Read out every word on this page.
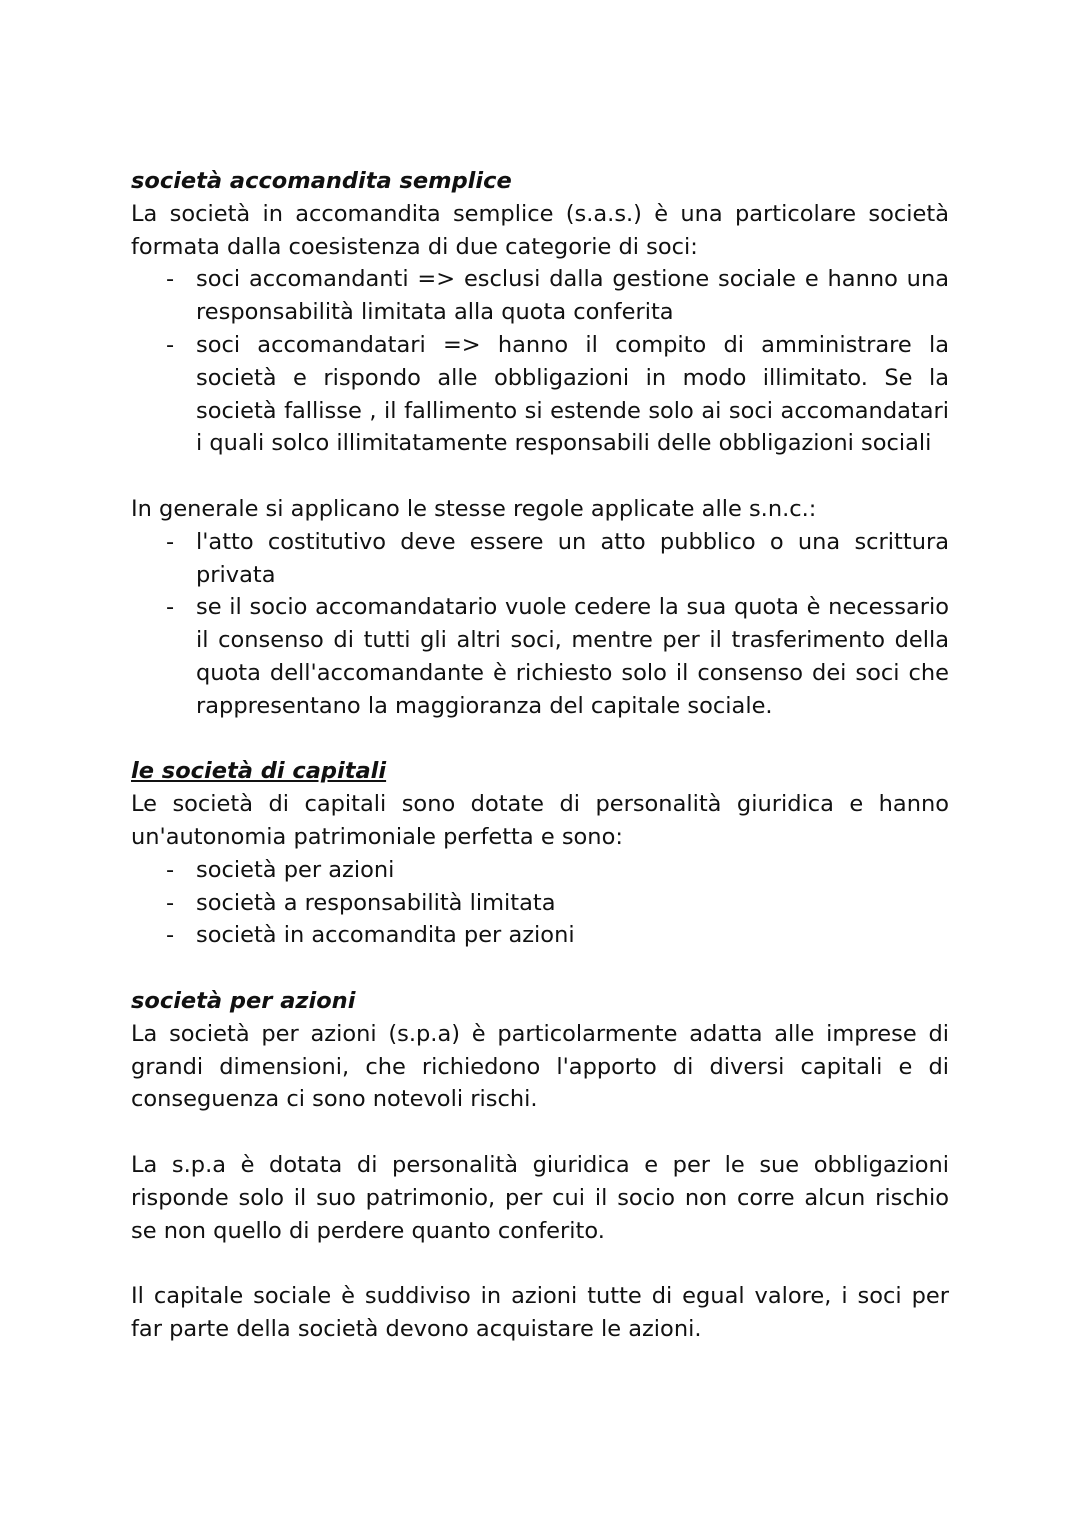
società accomandita semplice

La società in accomandita semplice (s.a.s.) è una particolare società formata dalla coesistenza di due categorie di soci:

- soci accomandanti => esclusi dalla gestione sociale e hanno una responsabilità limitata alla quota conferita
- soci accomandatari => hanno il compito di amministrare la società e rispondo alle obbligazioni in modo illimitato. Se la società fallisse , il fallimento si estende solo ai soci accomandatari i quali solco illimitatamente responsabili delle obbligazioni sociali

In generale si applicano le stesse regole applicate alle s.n.c.:

- l'atto costitutivo deve essere un atto pubblico o una scrittura privata
- se il socio accomandatario vuole cedere la sua quota è necessario il consenso di tutti gli altri soci, mentre per il trasferimento della quota dell'accomandante è richiesto solo il consenso dei soci che rappresentano la maggioranza del capitale sociale.

le società di capitali

Le società di capitali sono dotate di personalità giuridica e hanno un'autonomia patrimoniale perfetta e sono:

- società per azioni
- società a responsabilità limitata
- società in accomandita per azioni

società per azioni

La società per azioni (s.p.a) è particolarmente adatta alle imprese di grandi dimensioni, che richiedono l'apporto di diversi capitali e di conseguenza ci sono notevoli rischi.

La s.p.a è dotata di personalità giuridica e per le sue obbligazioni risponde solo il suo patrimonio, per cui il socio non corre alcun rischio se non quello di perdere quanto conferito.

Il capitale sociale è suddiviso in azioni tutte di egual valore, i soci per far parte della società devono acquistare le azioni.
